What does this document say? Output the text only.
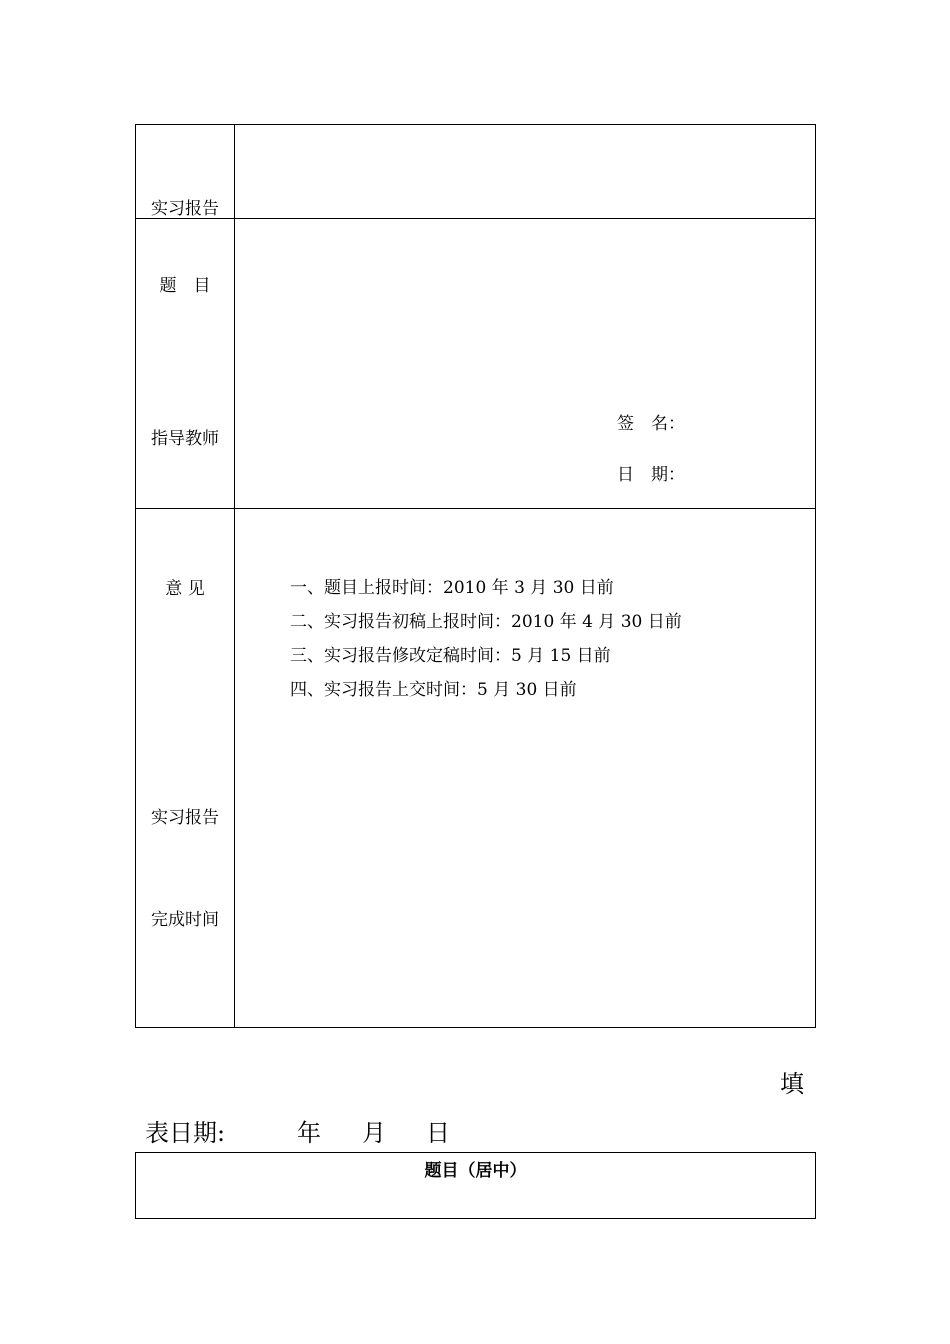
实习报告

题　目

指导教师

意 见

签　名：
日　期：

实习报告

完成时间

一、题目上报时间：2010 年 3 月 30 日前
二、实习报告初稿上报时间：2010 年 4 月 30 日前
三、实习报告修改定稿时间：5 月 15 日前
四、实习报告上交时间：5 月 30 日前
填
表日期:	年 月 日
题目（居中）
